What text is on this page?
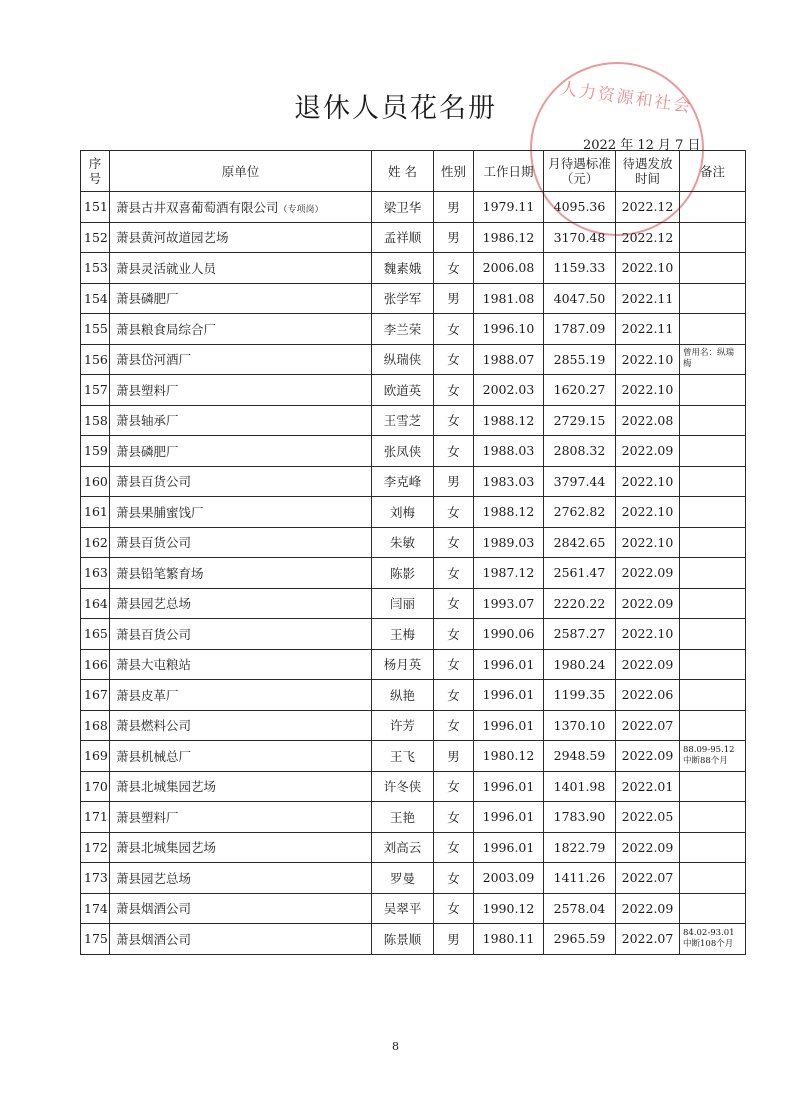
人力资源和社会
退休人员花名册
2022 年 12 月 7 日
序号	原单位	姓 名	性别	工作日期	月待遇标准（元）	待遇发放时间	备注
151	萧县古井双喜葡萄酒有限公司（专项岗）	梁卫华	男	1979.11	4095.36	2022.12	
152	萧县黄河故道园艺场	孟祥顺	男	1986.12	3170.48	2022.12	
153	萧县灵活就业人员	魏素娥	女	2006.08	1159.33	2022.10	
154	萧县磷肥厂	张学军	男	1981.08	4047.50	2022.11	
155	萧县粮食局综合厂	李兰荣	女	1996.10	1787.09	2022.11	
156	萧县岱河酒厂	纵瑞侠	女	1988.07	2855.19	2022.10	曾用名：纵瑞梅
157	萧县塑料厂	欧道英	女	2002.03	1620.27	2022.10	
158	萧县轴承厂	王雪芝	女	1988.12	2729.15	2022.08	
159	萧县磷肥厂	张凤侠	女	1988.03	2808.32	2022.09	
160	萧县百货公司	李克峰	男	1983.03	3797.44	2022.10	
161	萧县果脯蜜饯厂	刘梅	女	1988.12	2762.82	2022.10	
162	萧县百货公司	朱敏	女	1989.03	2842.65	2022.10	
163	萧县铅笔繁育场	陈影	女	1987.12	2561.47	2022.09	
164	萧县园艺总场	闫丽	女	1993.07	2220.22	2022.09	
165	萧县百货公司	王梅	女	1990.06	2587.27	2022.10	
166	萧县大屯粮站	杨月英	女	1996.01	1980.24	2022.09	
167	萧县皮革厂	纵艳	女	1996.01	1199.35	2022.06	
168	萧县燃料公司	许芳	女	1996.01	1370.10	2022.07	
169	萧县机械总厂	王飞	男	1980.12	2948.59	2022.09	88.09-95.12 中断88个月
170	萧县北城集园艺场	许冬侠	女	1996.01	1401.98	2022.01	
171	萧县塑料厂	王艳	女	1996.01	1783.90	2022.05	
172	萧县北城集园艺场	刘高云	女	1996.01	1822.79	2022.09	
173	萧县园艺总场	罗曼	女	2003.09	1411.26	2022.07	
174	萧县烟酒公司	吴翠平	女	1990.12	2578.04	2022.09	
175	萧县烟酒公司	陈景顺	男	1980.11	2965.59	2022.07	84.02-93.01 中断108个月
8
